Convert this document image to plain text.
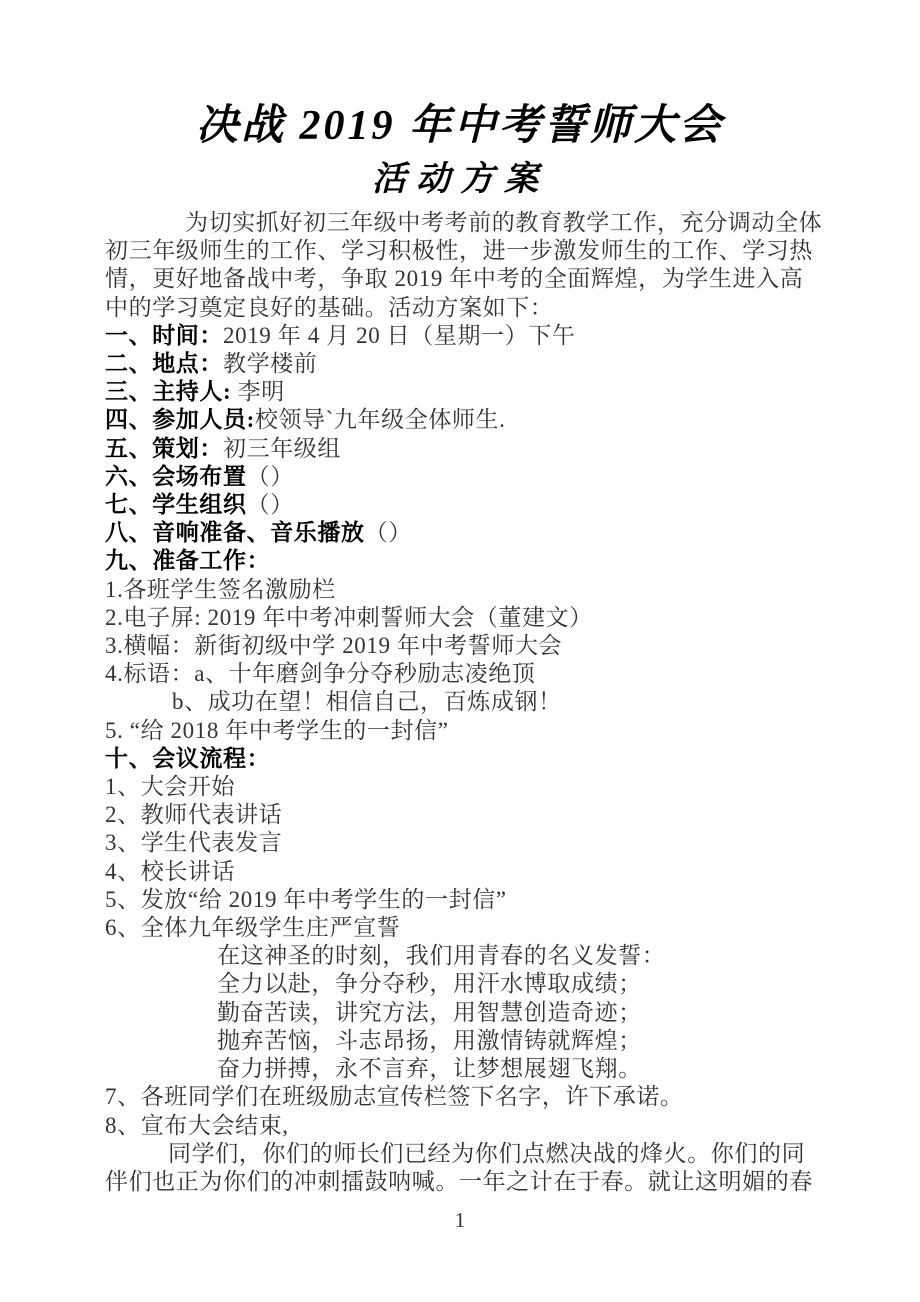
决战 2019 年中考誓师大会
活动方案
为切实抓好初三年级中考考前的教育教学工作，充分调动全体
初三年级师生的工作、学习积极性，进一步激发师生的工作、学习热
情，更好地备战中考，争取 2019 年中考的全面辉煌，为学生进入高
中的学习奠定良好的基础。活动方案如下：
一、时间：2019 年 4 月 20 日（星期一）下午
二、地点：教学楼前
三、主持人: 李明
四、参加人员:校领导`九年级全体师生.
五、策划：初三年级组
六、会场布置（）
七、学生组织（）
八、音响准备、音乐播放（）
九、准备工作：
1.各班学生签名激励栏
2.电子屏: 2019 年中考冲刺誓师大会（董建文）
3.横幅：新街初级中学 2019 年中考誓师大会
4.标语：a、十年磨剑争分夺秒励志凌绝顶
b、成功在望！相信自己，百炼成钢！
5. “给 2018 年中考学生的一封信”
十、会议流程：
1、大会开始
2、教师代表讲话
3、学生代表发言
4、校长讲话
5、发放“给 2019 年中考学生的一封信”
6、全体九年级学生庄严宣誓
在这神圣的时刻，我们用青春的名义发誓：
全力以赴，争分夺秒，用汗水博取成绩；
勤奋苦读，讲究方法，用智慧创造奇迹；
抛弃苦恼，斗志昂扬，用激情铸就辉煌；
奋力拼搏，永不言弃，让梦想展翅飞翔。
7、各班同学们在班级励志宣传栏签下名字，许下承诺。
8、宣布大会结束,
同学们，你们的师长们已经为你们点燃决战的烽火。你们的同
伴们也正为你们的冲刺擂鼓呐喊。一年之计在于春。就让这明媚的春
1
